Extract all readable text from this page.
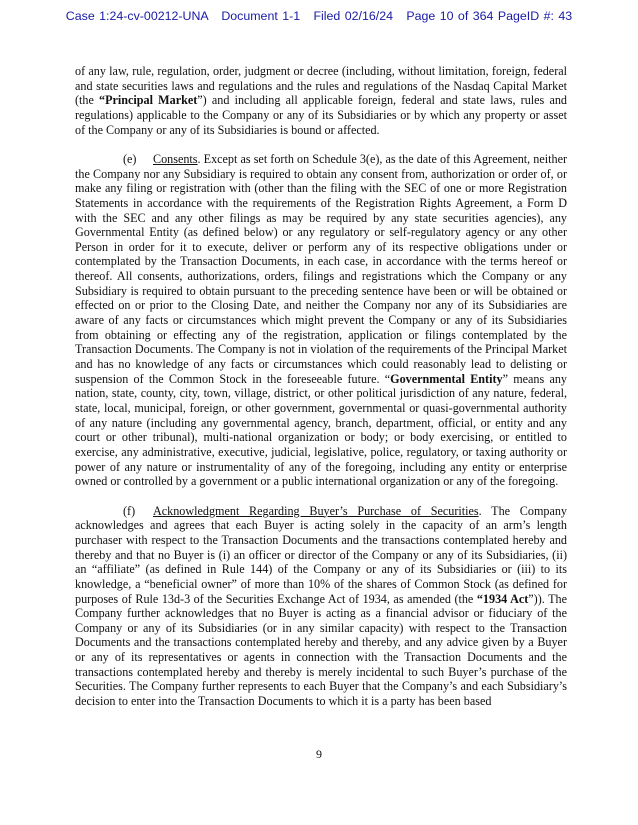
Case 1:24-cv-00212-UNA Document 1-1 Filed 02/16/24 Page 10 of 364 PageID #: 43

of any law, rule, regulation, order, judgment or decree (including, without limitation, foreign, federal and state securities laws and regulations and the rules and regulations of the Nasdaq Capital Market (the “Principal Market”) and including all applicable foreign, federal and state laws, rules and regulations) applicable to the Company or any of its Subsidiaries or by which any property or asset of the Company or any of its Subsidiaries is bound or affected.

(e) Consents. Except as set forth on Schedule 3(e), as the date of this Agreement, neither the Company nor any Subsidiary is required to obtain any consent from, authorization or order of, or make any filing or registration with (other than the filing with the SEC of one or more Registration Statements in accordance with the requirements of the Registration Rights Agreement, a Form D with the SEC and any other filings as may be required by any state securities agencies), any Governmental Entity (as defined below) or any regulatory or self-regulatory agency or any other Person in order for it to execute, deliver or perform any of its respective obligations under or contemplated by the Transaction Documents, in each case, in accordance with the terms hereof or thereof. All consents, authorizations, orders, filings and registrations which the Company or any Subsidiary is required to obtain pursuant to the preceding sentence have been or will be obtained or effected on or prior to the Closing Date, and neither the Company nor any of its Subsidiaries are aware of any facts or circumstances which might prevent the Company or any of its Subsidiaries from obtaining or effecting any of the registration, application or filings contemplated by the Transaction Documents. The Company is not in violation of the requirements of the Principal Market and has no knowledge of any facts or circumstances which could reasonably lead to delisting or suspension of the Common Stock in the foreseeable future. “Governmental Entity” means any nation, state, county, city, town, village, district, or other political jurisdiction of any nature, federal, state, local, municipal, foreign, or other government, governmental or quasi-governmental authority of any nature (including any governmental agency, branch, department, official, or entity and any court or other tribunal), multi-national organization or body; or body exercising, or entitled to exercise, any administrative, executive, judicial, legislative, police, regulatory, or taxing authority or power of any nature or instrumentality of any of the foregoing, including any entity or enterprise owned or controlled by a government or a public international organization or any of the foregoing.

(f) Acknowledgment Regarding Buyer’s Purchase of Securities. The Company acknowledges and agrees that each Buyer is acting solely in the capacity of an arm’s length purchaser with respect to the Transaction Documents and the transactions contemplated hereby and thereby and that no Buyer is (i) an officer or director of the Company or any of its Subsidiaries, (ii) an “affiliate” (as defined in Rule 144) of the Company or any of its Subsidiaries or (iii) to its knowledge, a “beneficial owner” of more than 10% of the shares of Common Stock (as defined for purposes of Rule 13d-3 of the Securities Exchange Act of 1934, as amended (the “1934 Act”)). The Company further acknowledges that no Buyer is acting as a financial advisor or fiduciary of the Company or any of its Subsidiaries (or in any similar capacity) with respect to the Transaction Documents and the transactions contemplated hereby and thereby, and any advice given by a Buyer or any of its representatives or agents in connection with the Transaction Documents and the transactions contemplated hereby and thereby is merely incidental to such Buyer’s purchase of the Securities. The Company further represents to each Buyer that the Company’s and each Subsidiary’s decision to enter into the Transaction Documents to which it is a party has been based

9
